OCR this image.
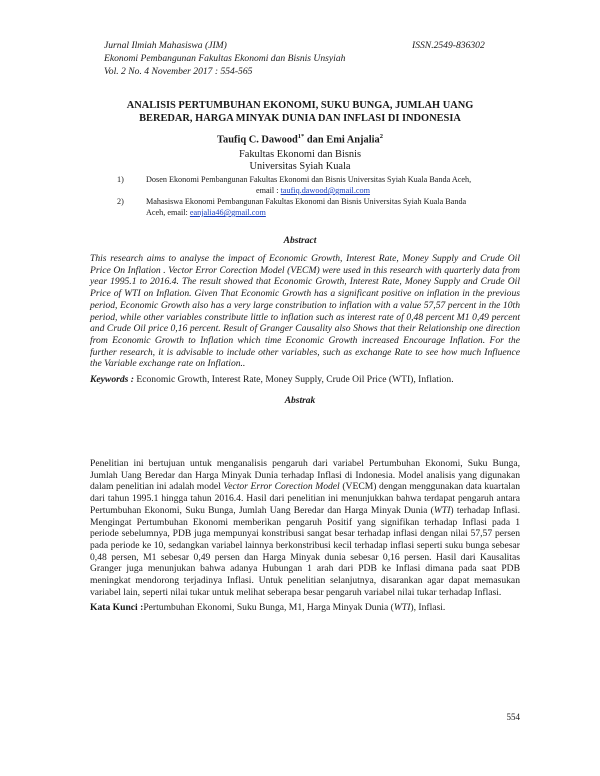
Jurnal Ilmiah Mahasiswa (JIM)	ISSN.2549-836302
Ekonomi Pembangunan Fakultas Ekonomi dan Bisnis Unsyiah
Vol. 2 No. 4 November 2017 : 554-565
ANALISIS PERTUMBUHAN EKONOMI, SUKU BUNGA, JUMLAH UANG BEREDAR, HARGA MINYAK DUNIA DAN INFLASI DI INDONESIA
Taufiq C. Dawood$^{1*}$ dan Emi Anjalia$^2$
Fakultas Ekonomi dan Bisnis
Universitas Syiah Kuala
1)	Dosen Ekonomi Pembangunan Fakultas Ekonomi dan Bisnis Universitas Syiah Kuala Banda Aceh,
email : taufiq.dawood@gmail.com
2)	Mahasiswa Ekonomi Pembangunan Fakultas Ekonomi dan Bisnis Universitas Syiah Kuala Banda
Aceh, email: eanjalia46@gmail.com
Abstract
This research aims to analyse the impact of Economic Growth, Interest Rate, Money Supply and Crude Oil Price On Inflation . Vector Error Corection Model (VECM) were used in this research with quarterly data from year 1995.1 to 2016.4. The result showed that Economic Growth, Interest Rate, Money Supply and Crude Oil Price of WTI on Inflation. Given That Economic Growth has a significant positive on inflation in the previous period, Economic Growth also has a very large constribution to inflation with a value 57,57 percent in the 10th period, while other variables constribute little to inflation such as interest rate of 0,48 percent M1 0,49 percent and Crude Oil price 0,16 percent. Result of Granger Causality also Shows that their Relationship one direction from Economic Growth to Inflation which time Economic Growth increased Encourage Inflation. For the further research, it is advisable to include other variables, such as exchange Rate to see how much Influence the Variable exchange rate on Inflation..
Keywords : Economic Growth, Interest Rate, Money Supply, Crude Oil Price (WTI), Inflation.
Abstrak
Penelitian ini bertujuan untuk menganalisis pengaruh dari variabel Pertumbuhan Ekonomi, Suku Bunga, Jumlah Uang Beredar dan Harga Minyak Dunia terhadap Inflasi di Indonesia. Model analisis yang digunakan dalam penelitian ini adalah model Vector Error Corection Model (VECM) dengan menggunakan data kuartalan dari tahun 1995.1 hingga tahun 2016.4. Hasil dari penelitian ini menunjukkan bahwa terdapat pengaruh antara Pertumbuhan Ekonomi, Suku Bunga, Jumlah Uang Beredar dan Harga Minyak Dunia (WTI) terhadap Inflasi. Mengingat Pertumbuhan Ekonomi memberikan pengaruh Positif yang signifikan terhadap Inflasi pada 1 periode sebelumnya, PDB juga mempunyai konstribusi sangat besar terhadap inflasi dengan nilai 57,57 persen pada periode ke 10, sedangkan variabel lainnya berkonstribusi kecil terhadap inflasi seperti suku bunga sebesar 0,48 persen, M1 sebesar 0,49 persen dan Harga Minyak dunia sebesar 0,16 persen. Hasil dari Kausalitas Granger juga menunjukan bahwa adanya Hubungan 1 arah dari PDB ke Inflasi dimana pada saat PDB meningkat mendorong terjadinya Inflasi. Untuk penelitian selanjutnya, disarankan agar dapat memasukan variabel lain, seperti nilai tukar untuk melihat seberapa besar pengaruh variabel nilai tukar terhadap Inflasi.
Kata Kunci :Pertumbuhan Ekonomi, Suku Bunga, M1, Harga Minyak Dunia (WTI), Inflasi.
554
